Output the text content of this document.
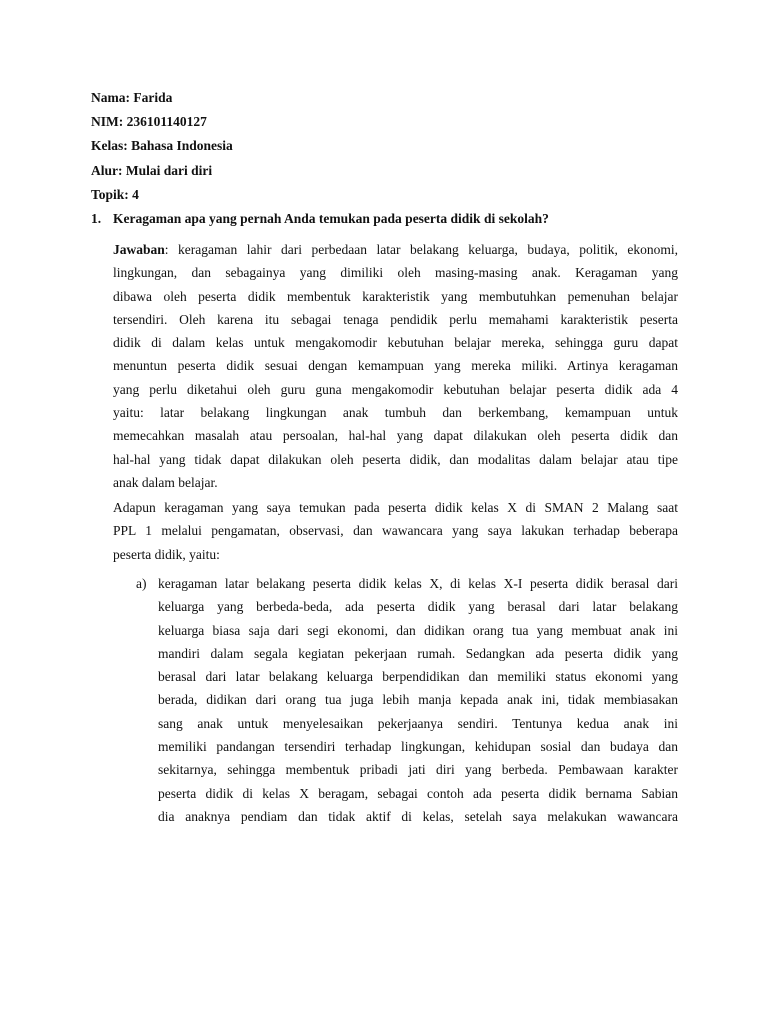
Nama: Farida
NIM: 236101140127
Kelas: Bahasa Indonesia
Alur: Mulai dari diri
Topik: 4
1. Keragaman apa yang pernah Anda temukan pada peserta didik di sekolah?
Jawaban: keragaman lahir dari perbedaan latar belakang keluarga, budaya, politik, ekonomi,
lingkungan, dan sebagainya yang dimiliki oleh masing-masing anak. Keragaman yang
dibawa oleh peserta didik membentuk karakteristik yang membutuhkan pemenuhan belajar
tersendiri. Oleh karena itu sebagai tenaga pendidik perlu memahami karakteristik peserta
didik di dalam kelas untuk mengakomodir kebutuhan belajar mereka, sehingga guru dapat
menuntun peserta didik sesuai dengan kemampuan yang mereka miliki. Artinya keragaman
yang perlu diketahui oleh guru guna mengakomodir kebutuhan belajar peserta didik ada 4
yaitu: latar belakang lingkungan anak tumbuh dan berkembang, kemampuan untuk
memecahkan masalah atau persoalan, hal-hal yang dapat dilakukan oleh peserta didik dan
hal-hal yang tidak dapat dilakukan oleh peserta didik, dan modalitas dalam belajar atau tipe
anak dalam belajar.
Adapun keragaman yang saya temukan pada peserta didik kelas X di SMAN 2 Malang saat
PPL 1 melalui pengamatan, observasi, dan wawancara yang saya lakukan terhadap beberapa
peserta didik, yaitu:
a) keragaman latar belakang peserta didik kelas X, di kelas X-I peserta didik berasal dari
keluarga yang berbeda-beda, ada peserta didik yang berasal dari latar belakang
keluarga biasa saja dari segi ekonomi, dan didikan orang tua yang membuat anak ini
mandiri dalam segala kegiatan pekerjaan rumah. Sedangkan ada peserta didik yang
berasal dari latar belakang keluarga berpendidikan dan memiliki status ekonomi yang
berada, didikan dari orang tua juga lebih manja kepada anak ini, tidak membiasakan
sang anak untuk menyelesaikan pekerjaanya sendiri. Tentunya kedua anak ini
memiliki pandangan tersendiri terhadap lingkungan, kehidupan sosial dan budaya dan
sekitarnya, sehingga membentuk pribadi jati diri yang berbeda. Pembawaan karakter
peserta didik di kelas X beragam, sebagai contoh ada peserta didik bernama Sabian
dia anaknya pendiam dan tidak aktif di kelas, setelah saya melakukan wawancara
